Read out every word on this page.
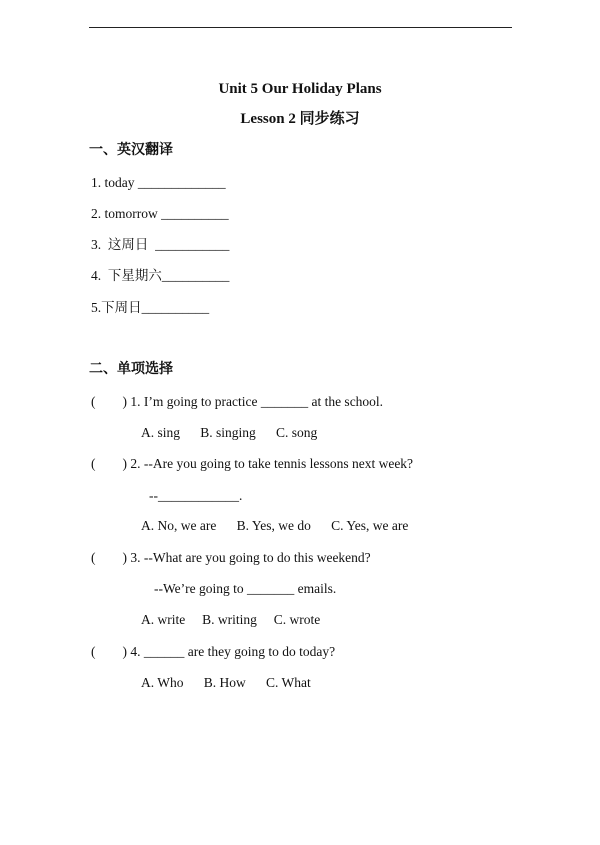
Unit 5 Our Holiday Plans
Lesson 2 同步练习
一、英汉翻译
1. today _____________
2. tomorrow __________
3.  这周日  ___________
4.  下星期六__________
5.下周日__________
二、单项选择
(        ) 1. I’m going to practice _______ at the school.
A. sing      B. singing      C. song
(        ) 2. --Are you going to take tennis lessons next week?
--____________.
A. No, we are      B. Yes, we do      C. Yes, we are
(        ) 3. --What are you going to do this weekend?
--We’re going to _______ emails.
A. write     B. writing     C. wrote
(        ) 4. ______ are they going to do today?
A. Who      B. How      C. What
